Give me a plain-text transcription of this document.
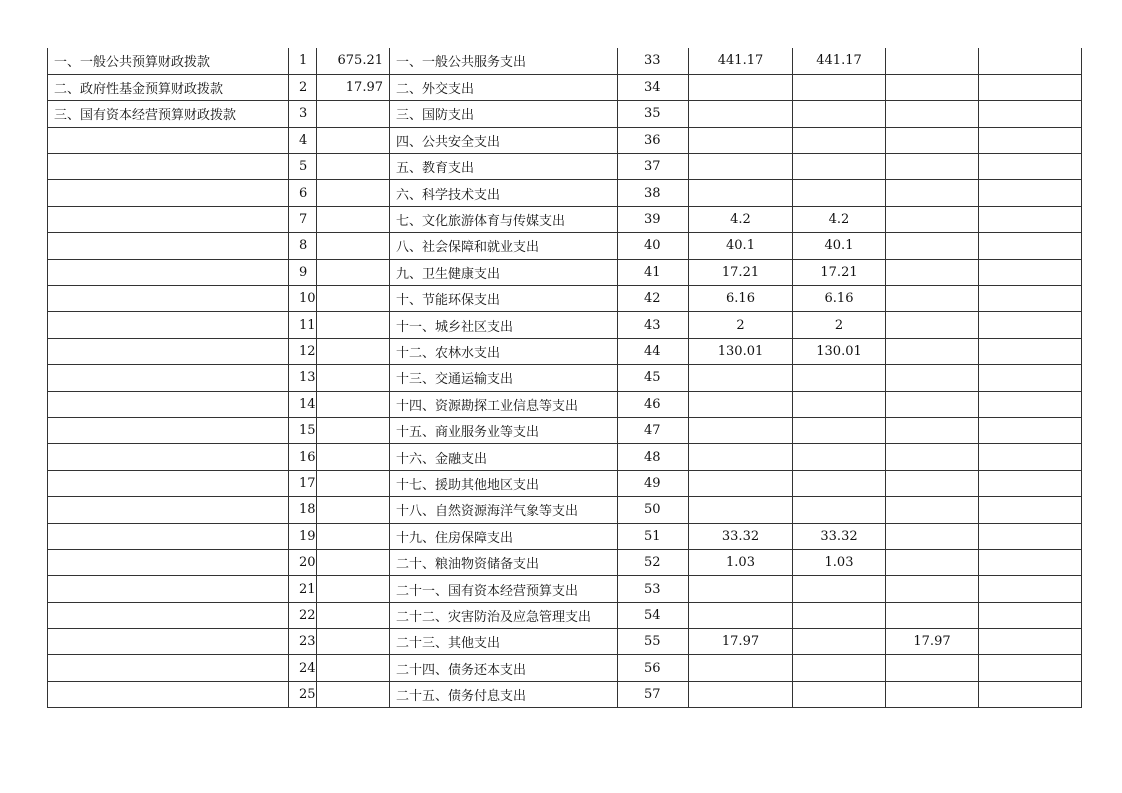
一、一般公共预算财政拨款	1	675.21	一、一般公共服务支出	33	441.17	441.17		
二、政府性基金预算财政拨款	2	17.97	二、外交支出	34				
三、国有资本经营预算财政拨款	3		三、国防支出	35				
	4		四、公共安全支出	36				
	5		五、教育支出	37				
	6		六、科学技术支出	38				
	7		七、文化旅游体育与传媒支出	39	4.2	4.2		
	8		八、社会保障和就业支出	40	40.1	40.1		
	9		九、卫生健康支出	41	17.21	17.21		
	10		十、节能环保支出	42	6.16	6.16		
	11		十一、城乡社区支出	43	2	2		
	12		十二、农林水支出	44	130.01	130.01		
	13		十三、交通运输支出	45				
	14		十四、资源勘探工业信息等支出	46				
	15		十五、商业服务业等支出	47				
	16		十六、金融支出	48				
	17		十七、援助其他地区支出	49				
	18		十八、自然资源海洋气象等支出	50				
	19		十九、住房保障支出	51	33.32	33.32		
	20		二十、粮油物资储备支出	52	1.03	1.03		
	21		二十一、国有资本经营预算支出	53				
	22		二十二、灾害防治及应急管理支出	54				
	23		二十三、其他支出	55	17.97		17.97	
	24		二十四、债务还本支出	56				
	25		二十五、债务付息支出	57				
